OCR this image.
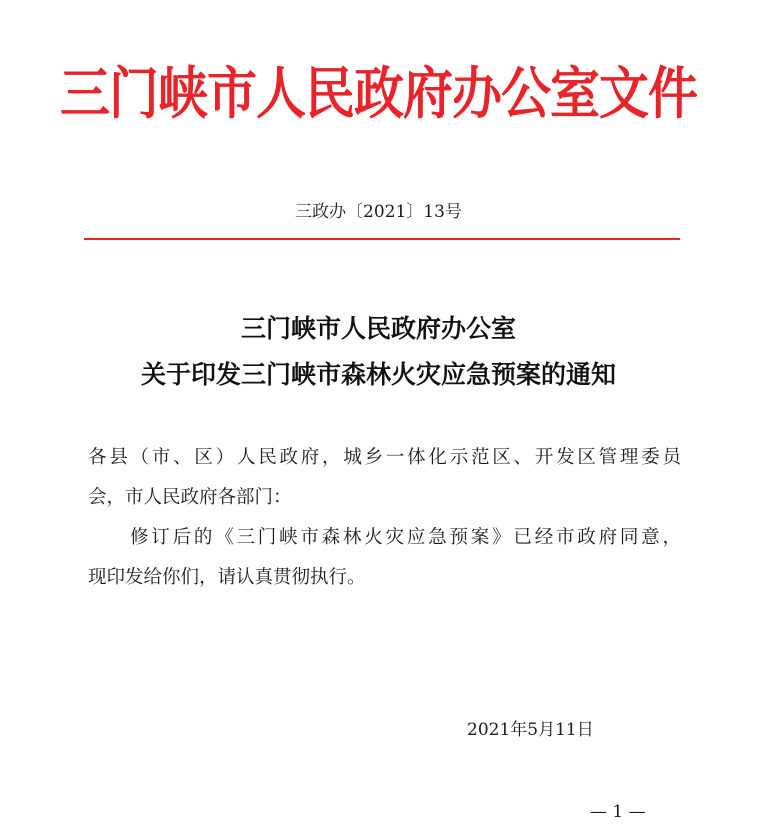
三门峡市人民政府办公室文件
三政办〔2021〕13号
三门峡市人民政府办公室
关于印发三门峡市森林火灾应急预案的通知
各县（市、区）人民政府，城乡一体化示范区、开发区管理委员
会，市人民政府各部门：
修订后的《三门峡市森林火灾应急预案》已经市政府同意，
现印发给你们，请认真贯彻执行。
2021年5月11日
— 1 —
